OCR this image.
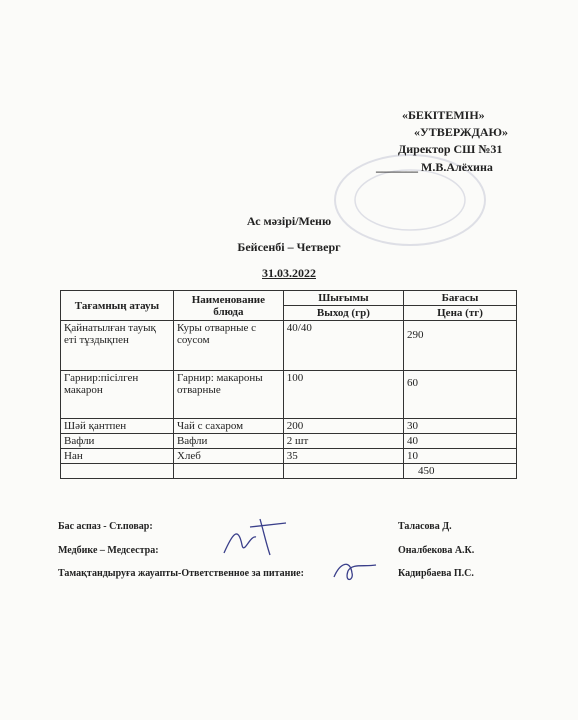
«БЕКІТЕМІН»
«УТВЕРЖДАЮ»
Директор СШ №31
_______ М.В.Алёхина
Ас мәзірі/Меню
Бейсенбі – Четверг
31.03.2022
Тағамның атауы	Наименование блюда	Шығымы	Бағасы
		Выход (гр)	Цена (тг)
Қайнатылған тауық еті тұздықпен	Куры отварные с соусом	40/40	290
Гарнир:пісілген макарон	Гарнир: макароны отварные	100	60
Шәй қантпен	Чай с сахаром	200	30
Вафли	Вафли	2 шт	40
Нан	Хлеб	35	10
			450
Бас аспаз - Ст.повар:	Таласова Д.
Медбике – Медсестра:	Оналбекова А.К.
Тамақтандыруға жауапты-Ответственное за питание:	Кадирбаева П.С.
